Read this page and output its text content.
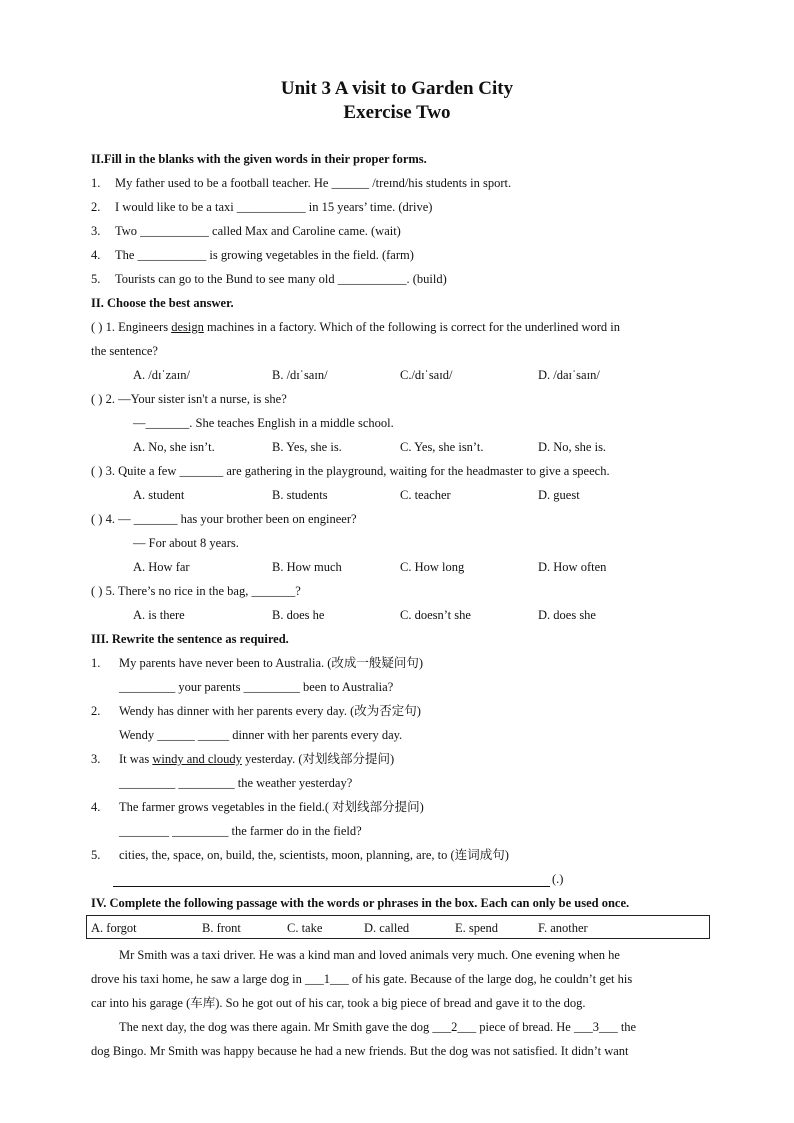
Unit 3 A visit to Garden City
Exercise Two
II.Fill in the blanks with the given words in their proper forms.
1. My father used to be a football teacher. He ______ /treɪnd/his students in sport.
2. I would like to be a taxi ___________ in 15 years’ time. (drive)
3. Two ___________ called Max and Caroline came. (wait)
4. The ___________ is growing vegetables in the field. (farm)
5. Tourists can go to the Bund to see many old ___________. (build)
II. Choose the best answer.
( ) 1. Engineers design machines in a factory. Which of the following is correct for the underlined word in
the sentence?
A. /dɪˈzaɪn/	B. /dɪˈsaɪn/	C./dɪˈsaɪd/	D. /daɪˈsaɪn/
( ) 2. —Your sister isn't a nurse, is she?
—_______. She teaches English in a middle school.
A. No, she isn’t.	B. Yes, she is.	C. Yes, she isn’t.	D. No, she is.
( ) 3. Quite a few _______ are gathering in the playground, waiting for the headmaster to give a speech.
A. student	B. students	C. teacher	D. guest
( ) 4. — _______ has your brother been on engineer?
— For about 8 years.
A. How far	B. How much	C. How long	D. How often
( ) 5. There’s no rice in the bag, _______?
A. is there	B. does he	C. doesn’t she	D. does she
III. Rewrite the sentence as required.
1. My parents have never been to Australia. (改成一般疑问句)
_________ your parents _________ been to Australia?
2. Wendy has dinner with her parents every day. (改为否定句)
Wendy ______ _____ dinner with her parents every day.
3. It was windy and cloudy yesterday. (对划线部分提问)
_________ _________ the weather yesterday?
4. The farmer grows vegetables in the field.( 对划线部分提问)
________ _________ the farmer do in the field?
5. cities, the, space, on, build, the, scientists, moon, planning, are, to (连词成句)
(.)
IV. Complete the following passage with the words or phrases in the box. Each can only be used once.
A. forgot	B. front	C. take	D. called	E. spend	F. another
Mr Smith was a taxi driver. He was a kind man and loved animals very much. One evening when he
drove his taxi home, he saw a large dog in ___1___ of his gate. Because of the large dog, he couldn’t get his
car into his garage (车库). So he got out of his car, took a big piece of bread and gave it to the dog.
The next day, the dog was there again. Mr Smith gave the dog ___2___ piece of bread. He ___3___ the
dog Bingo. Mr Smith was happy because he had a new friends. But the dog was not satisfied. It didn’t want
